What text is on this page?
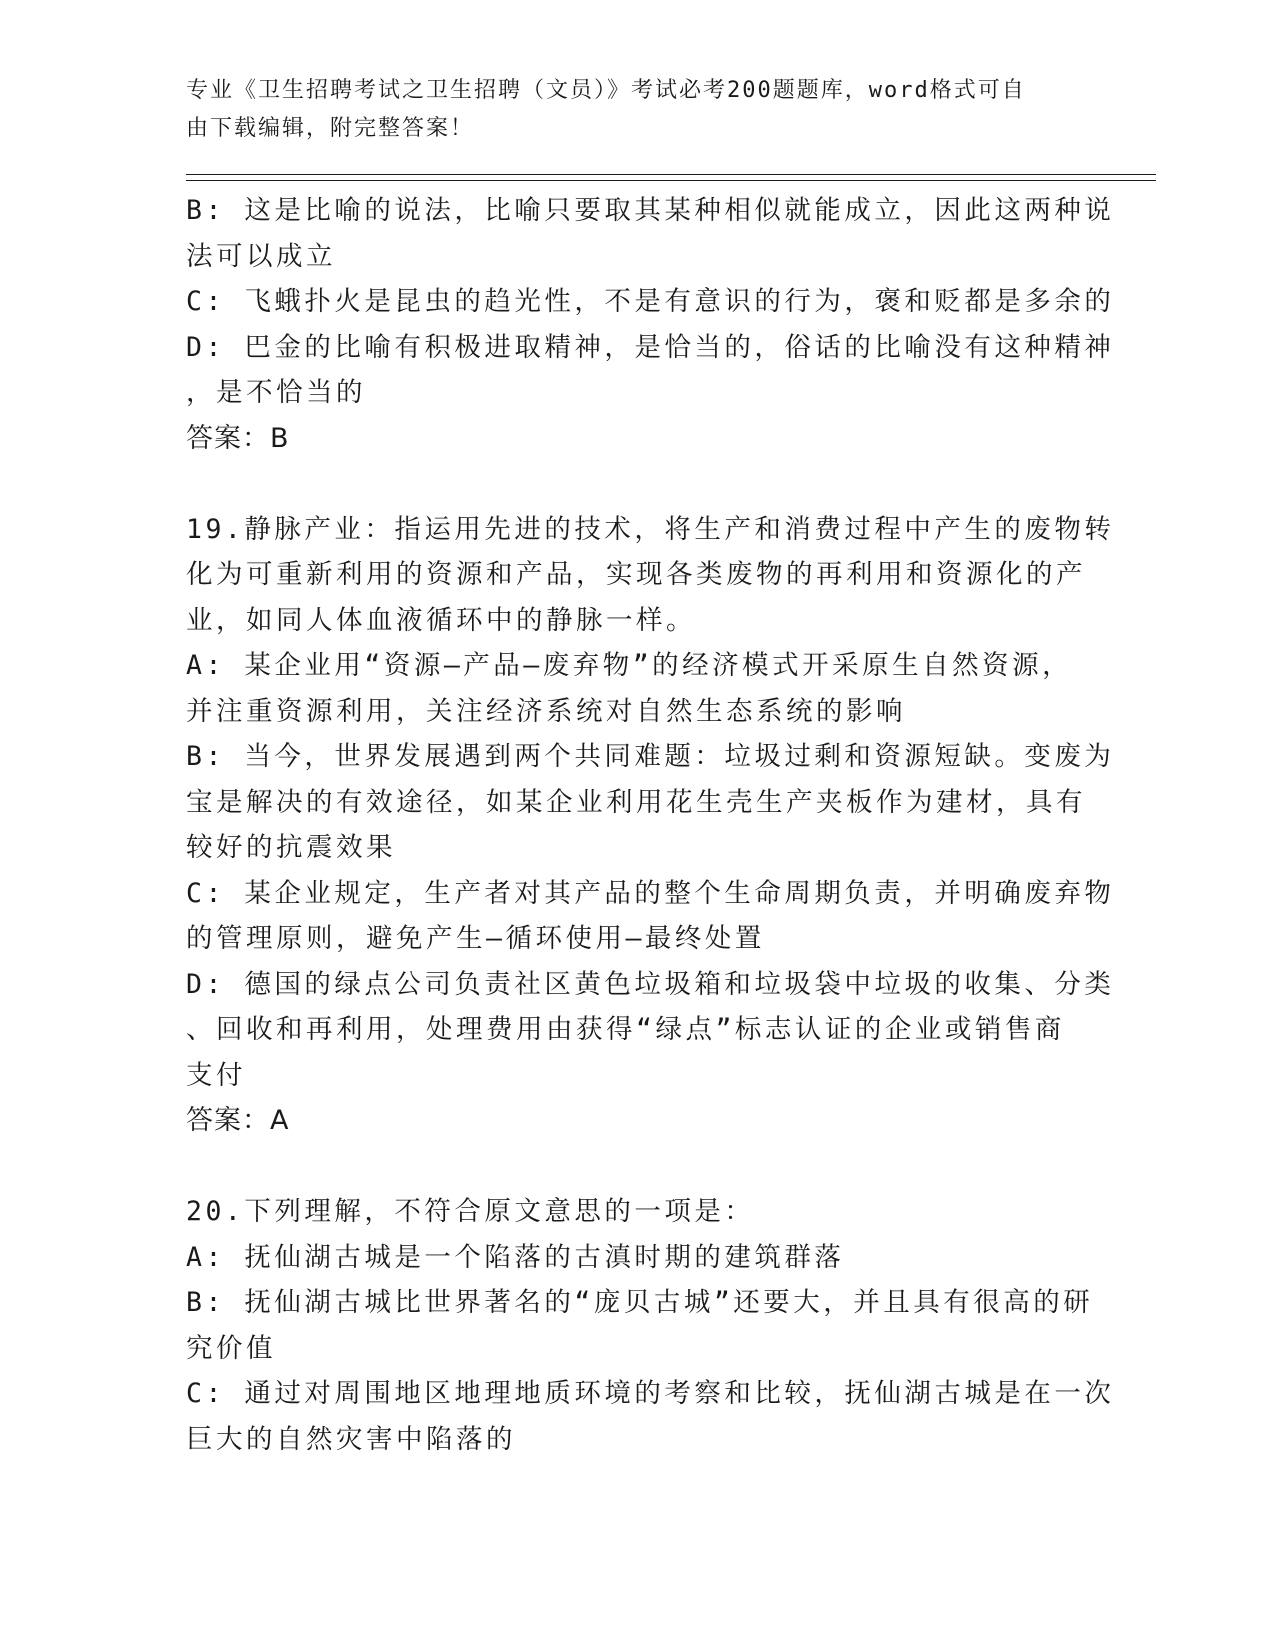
专业《卫生招聘考试之卫生招聘（文员）》考试必考200题题库，word格式可自
由下载编辑，附完整答案！
B: 这是比喻的说法，比喻只要取其某种相似就能成立，因此这两种说
法可以成立
C: 飞蛾扑火是昆虫的趋光性，不是有意识的行为，褒和贬都是多余的
D: 巴金的比喻有积极进取精神，是恰当的，俗话的比喻没有这种精神
，是不恰当的
答案：B
19.静脉产业：指运用先进的技术，将生产和消费过程中产生的废物转
化为可重新利用的资源和产品，实现各类废物的再利用和资源化的产
业，如同人体血液循环中的静脉一样。
A: 某企业用“资源—产品—废弃物”的经济模式开采原生自然资源，
并注重资源利用，关注经济系统对自然生态系统的影响
B: 当今，世界发展遇到两个共同难题：垃圾过剩和资源短缺。变废为
宝是解决的有效途径，如某企业利用花生壳生产夹板作为建材，具有
较好的抗震效果
C: 某企业规定，生产者对其产品的整个生命周期负责，并明确废弃物
的管理原则，避免产生—循环使用—最终处置
D: 德国的绿点公司负责社区黄色垃圾箱和垃圾袋中垃圾的收集、分类
、回收和再利用，处理费用由获得“绿点”标志认证的企业或销售商
支付
答案：A
20.下列理解，不符合原文意思的一项是：
A: 抚仙湖古城是一个陷落的古滇时期的建筑群落
B: 抚仙湖古城比世界著名的“庞贝古城”还要大，并且具有很高的研
究价值
C: 通过对周围地区地理地质环境的考察和比较，抚仙湖古城是在一次
巨大的自然灾害中陷落的
